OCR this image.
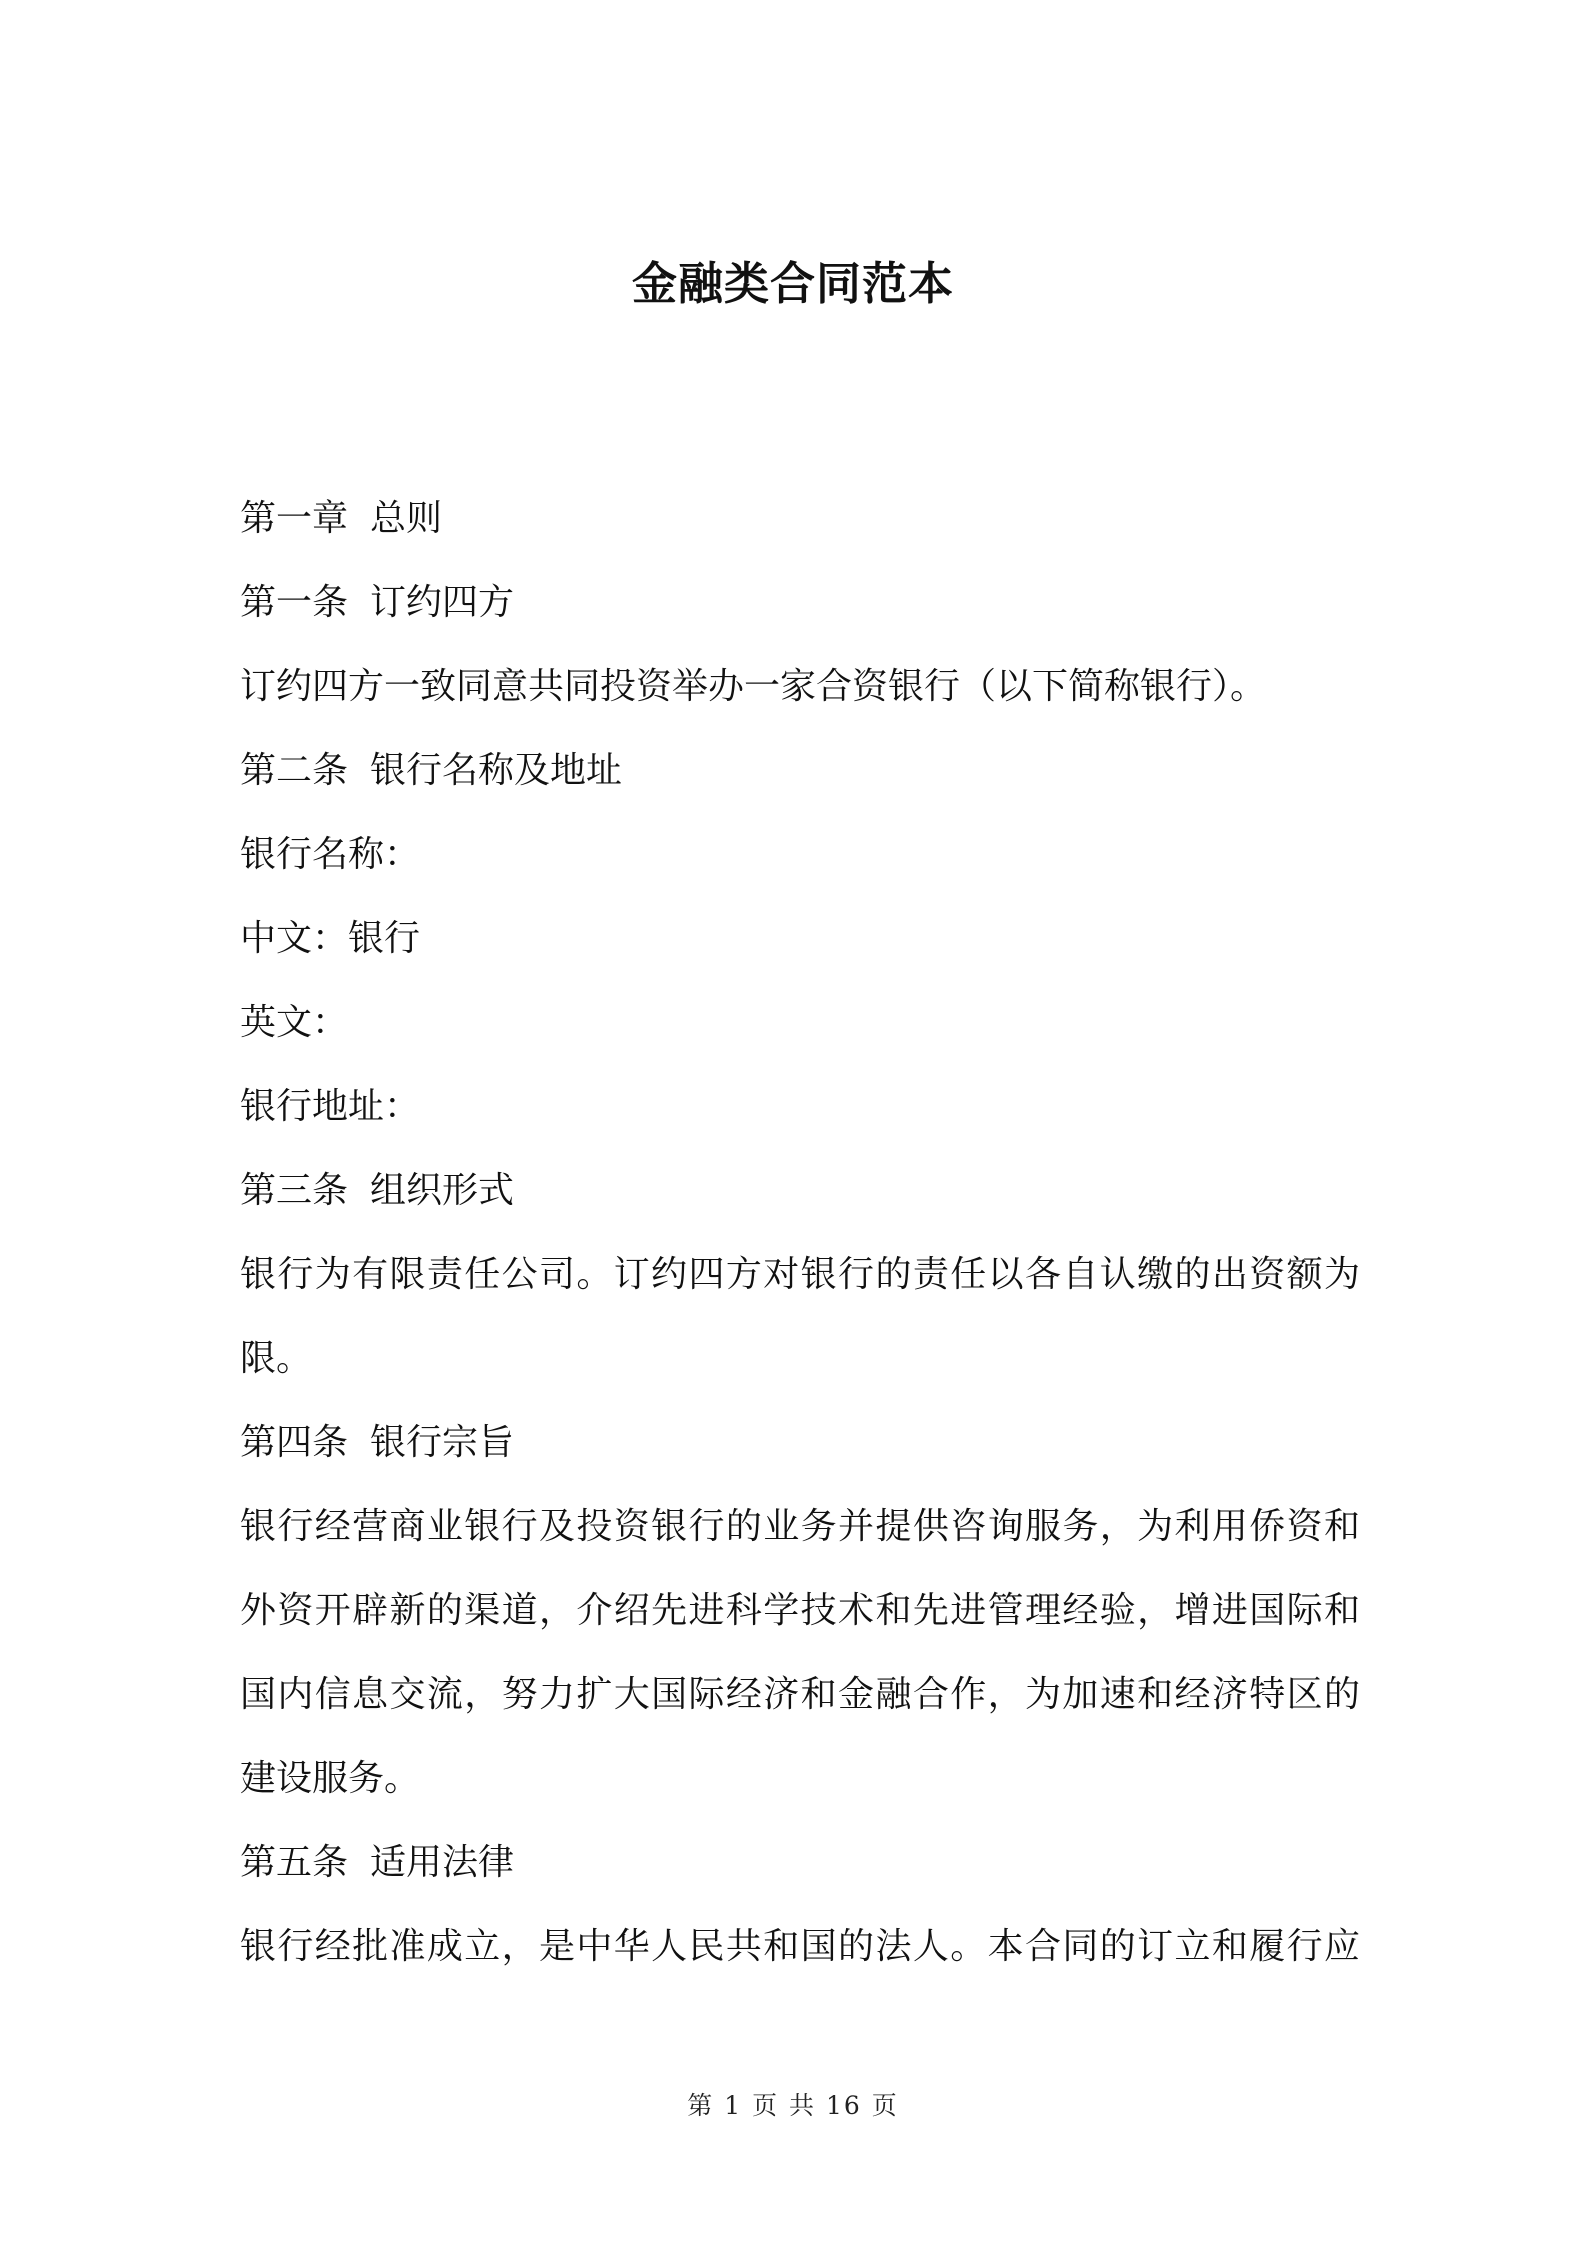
金融类合同范本
第一章 总则
第一条 订约四方
订约四方一致同意共同投资举办一家合资银行（以下简称银行）。
第二条 银行名称及地址
银行名称：
中文：银行
英文：
银行地址：
第三条 组织形式
银行为有限责任公司。订约四方对银行的责任以各自认缴的出资额为
限。
第四条 银行宗旨
银行经营商业银行及投资银行的业务并提供咨询服务，为利用侨资和
外资开辟新的渠道，介绍先进科学技术和先进管理经验，增进国际和
国内信息交流，努力扩大国际经济和金融合作，为加速和经济特区的
建设服务。
第五条 适用法律
银行经批准成立，是中华人民共和国的法人。本合同的订立和履行应
第 1 页 共 16 页
